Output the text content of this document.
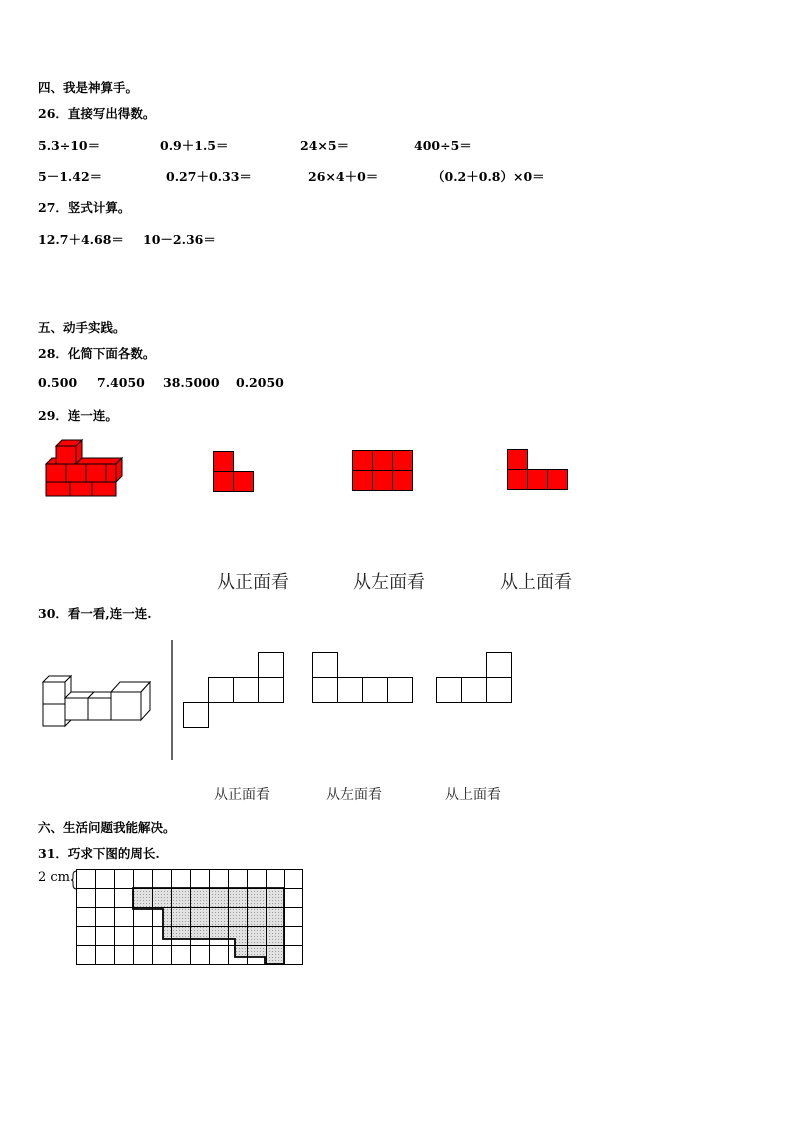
四、我是神算手。
26．直接写出得数。
5.3÷10＝	0.9＋1.5＝	24×5＝	400÷5＝
5－1.42＝	0.27＋0.33＝	26×4＋0＝	（0.2＋0.8）×0＝
27．竖式计算。
12.7＋4.68＝ 10－2.36＝
五、动手实践。
28．化简下面各数。
0.500 7.4050 38.5000 0.2050
29．连一连。
从正面看	从左面看	从上面看
30．看一看,连一连.
从正面看	从左面看	从上面看
六、生活问题我能解决。
31．巧求下图的周长.
2 cm
